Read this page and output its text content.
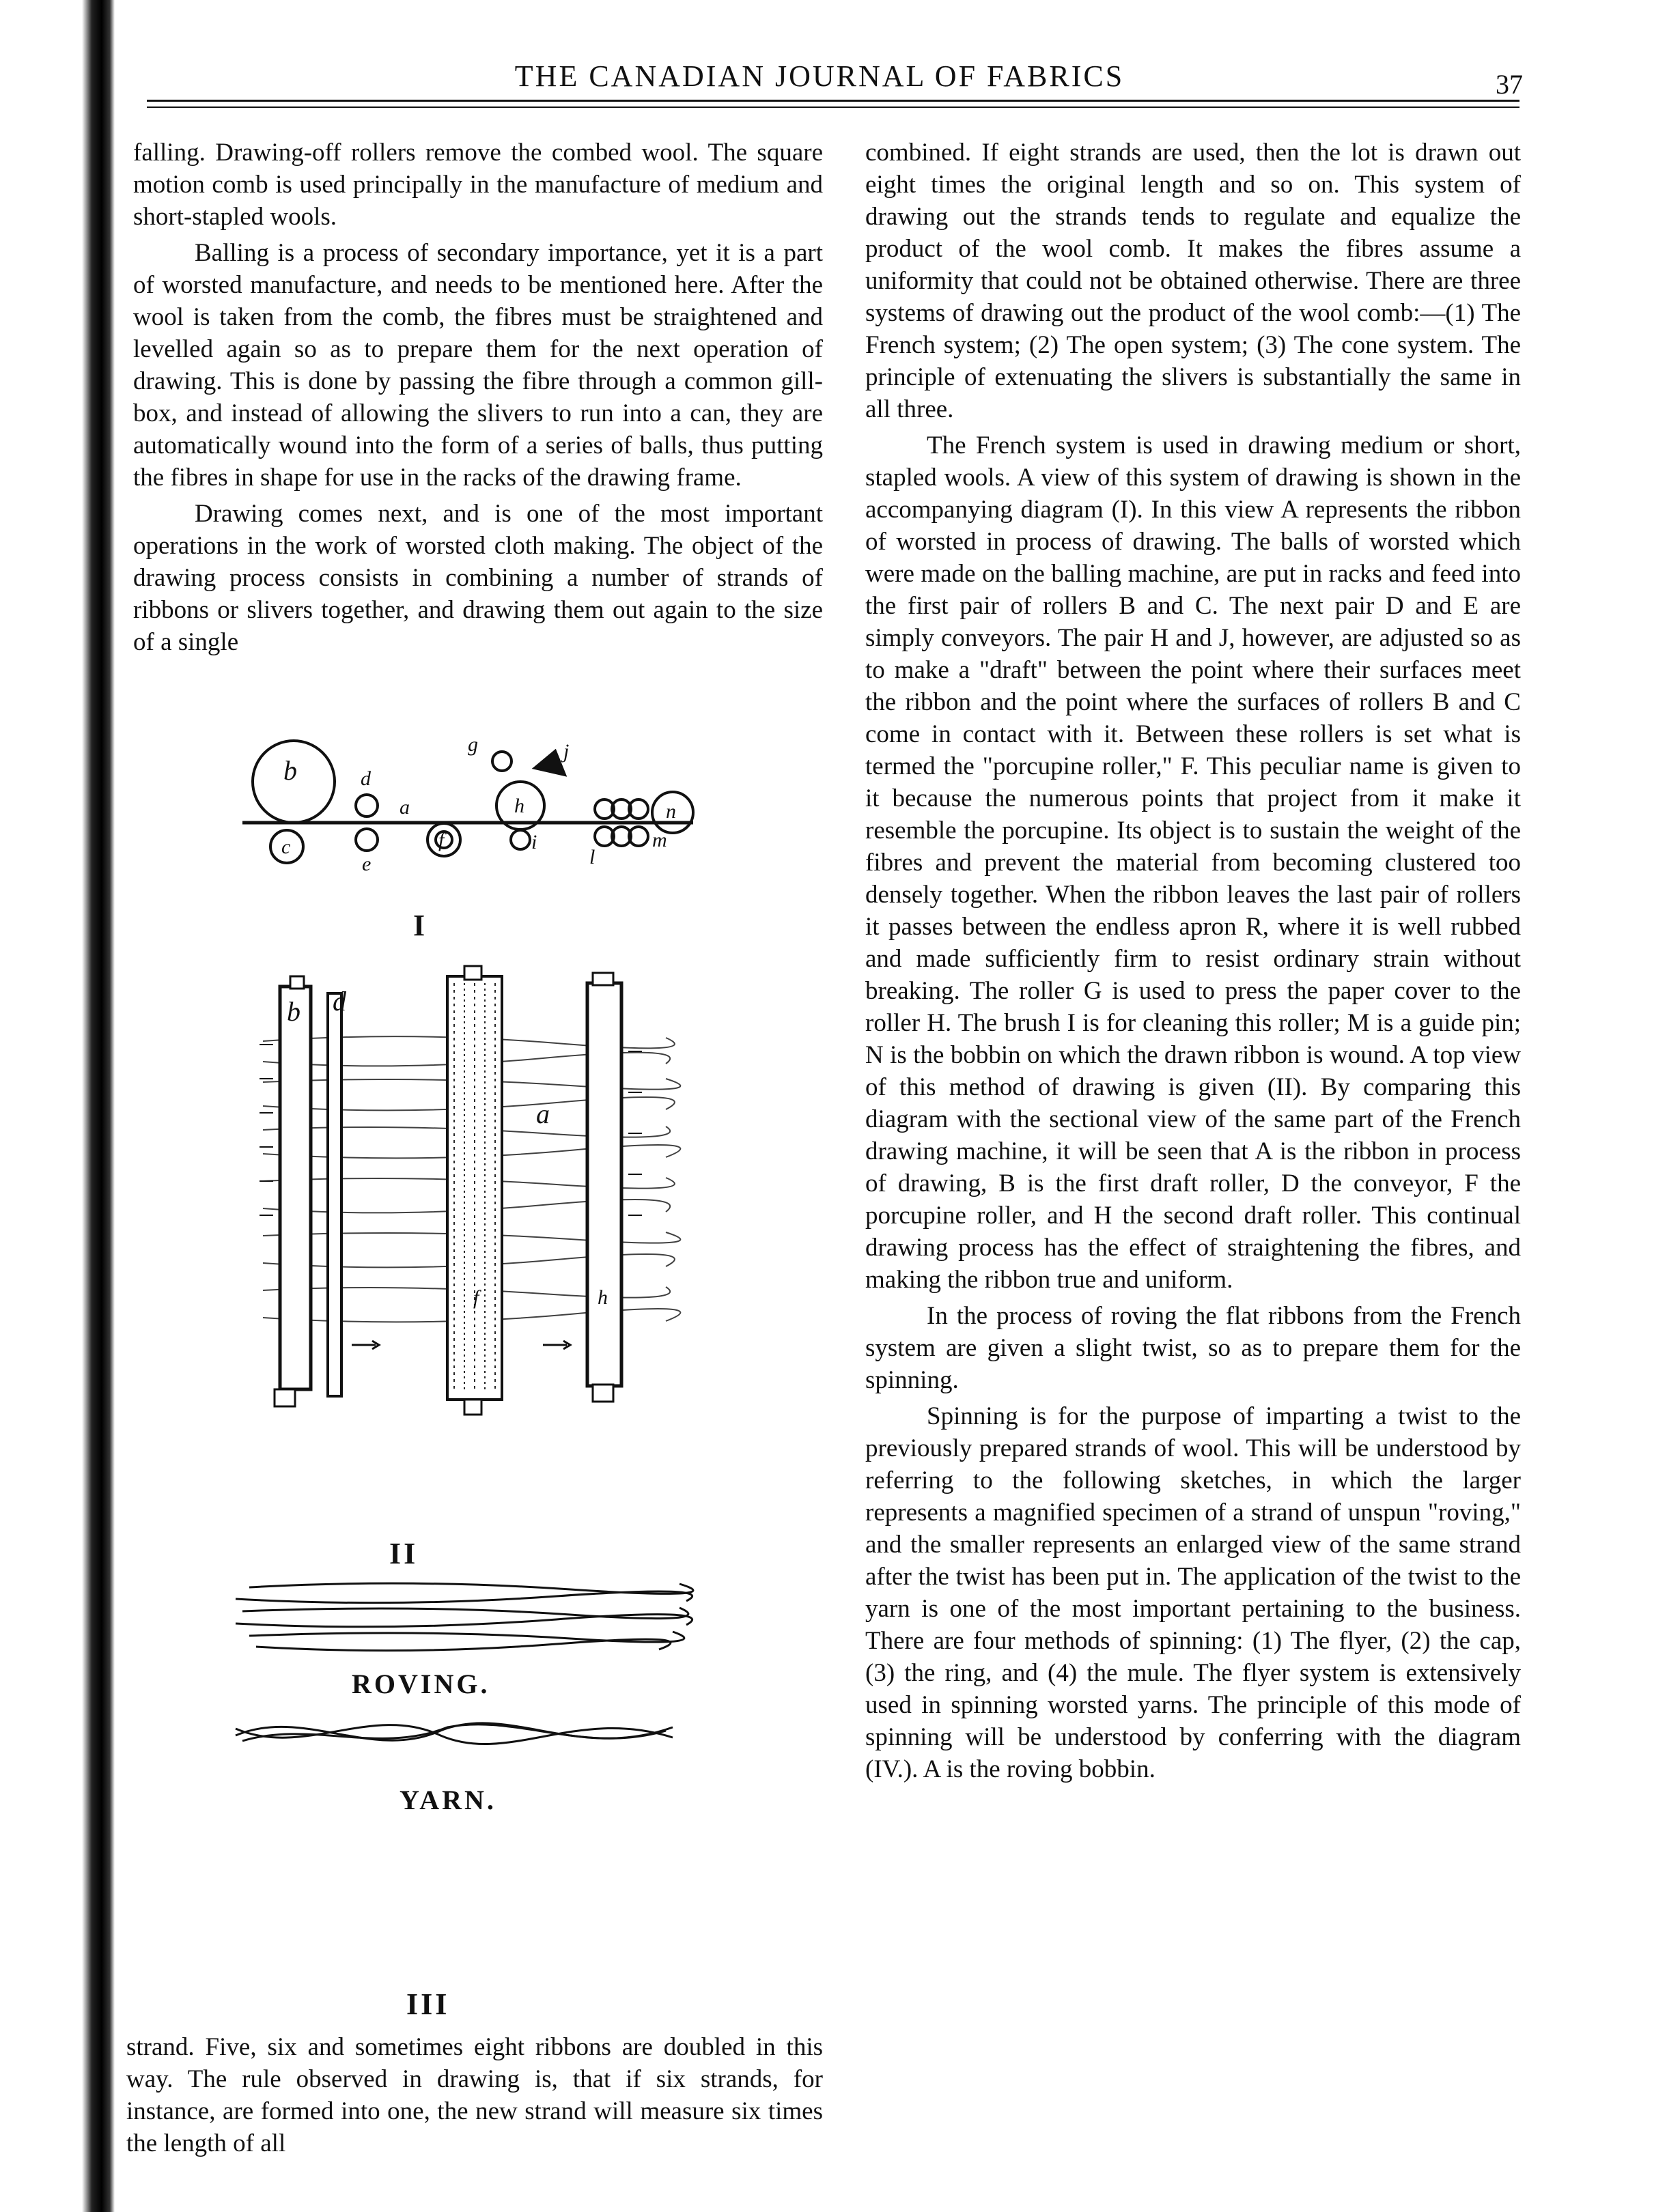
THE CANADIAN JOURNAL OF FABRICS	37

falling. Drawing-off rollers remove the combed wool. The square motion comb is used principally in the manufacture of medium and short-stapled wools.

Balling is a process of secondary importance, yet it is a part of worsted manufacture, and needs to be mentioned here. After the wool is taken from the comb, the fibres must be straightened and levelled again so as to prepare them for the next operation of drawing. This is done by passing the fibre through a common gill-box, and instead of allowing the slivers to run into a can, they are automatically wound into the form of a series of balls, thus putting the fibres in shape for use in the racks of the drawing frame.

Drawing comes next, and is one of the most important operations in the work of worsted cloth making. The object of the drawing process consists in combining a number of strands of ribbons or slivers together, and drawing them out again to the size of a single

b
c
d
e
a
f
g
h
i
j
l
m
n
I
b d
a
f	h
II
ROVING.
YARN.
III

strand. Five, six and sometimes eight ribbons are doubled in this way. The rule observed in drawing is, that if six strands, for instance, are formed into one, the new strand will measure six times the length of all

combined. If eight strands are used, then the lot is drawn out eight times the original length and so on. This system of drawing out the strands tends to regulate and equalize the product of the wool comb. It makes the fibres assume a uniformity that could not be obtained otherwise. There are three systems of drawing out the product of the wool comb:—(1) The French system; (2) The open system; (3) The cone system. The principle of extenuating the slivers is substantially the same in all three.

The French system is used in drawing medium or short, stapled wools. A view of this system of drawing is shown in the accompanying diagram (I). In this view A represents the ribbon of worsted in process of drawing. The balls of worsted which were made on the balling machine, are put in racks and feed into the first pair of rollers B and C. The next pair D and E are simply conveyors. The pair H and J, however, are adjusted so as to make a "draft" between the point where their surfaces meet the ribbon and the point where the surfaces of rollers B and C come in contact with it. Between these rollers is set what is termed the "porcupine roller," F. This peculiar name is given to it because the numerous points that project from it make it resemble the porcupine. Its object is to sustain the weight of the fibres and prevent the material from becoming clustered too densely together. When the ribbon leaves the last pair of rollers it passes between the endless apron R, where it is well rubbed and made sufficiently firm to resist ordinary strain without breaking. The roller G is used to press the paper cover to the roller H. The brush I is for cleaning this roller; M is a guide pin; N is the bobbin on which the drawn ribbon is wound. A top view of this method of drawing is given (II). By comparing this diagram with the sectional view of the same part of the French drawing machine, it will be seen that A is the ribbon in process of drawing, B is the first draft roller, D the conveyor, F the porcupine roller, and H the second draft roller. This continual drawing process has the effect of straightening the fibres, and making the ribbon true and uniform.

In the process of roving the flat ribbons from the French system are given a slight twist, so as to prepare them for the spinning.

Spinning is for the purpose of imparting a twist to the previously prepared strands of wool. This will be understood by referring to the following sketches, in which the larger represents a magnified specimen of a strand of unspun "roving," and the smaller represents an enlarged view of the same strand after the twist has been put in. The application of the twist to the yarn is one of the most important pertaining to the business. There are four methods of spinning: (1) The flyer, (2) the cap, (3) the ring, and (4) the mule. The flyer system is extensively used in spinning worsted yarns. The principle of this mode of spinning will be understood by conferring with the diagram (IV.). A is the roving bobbin.
